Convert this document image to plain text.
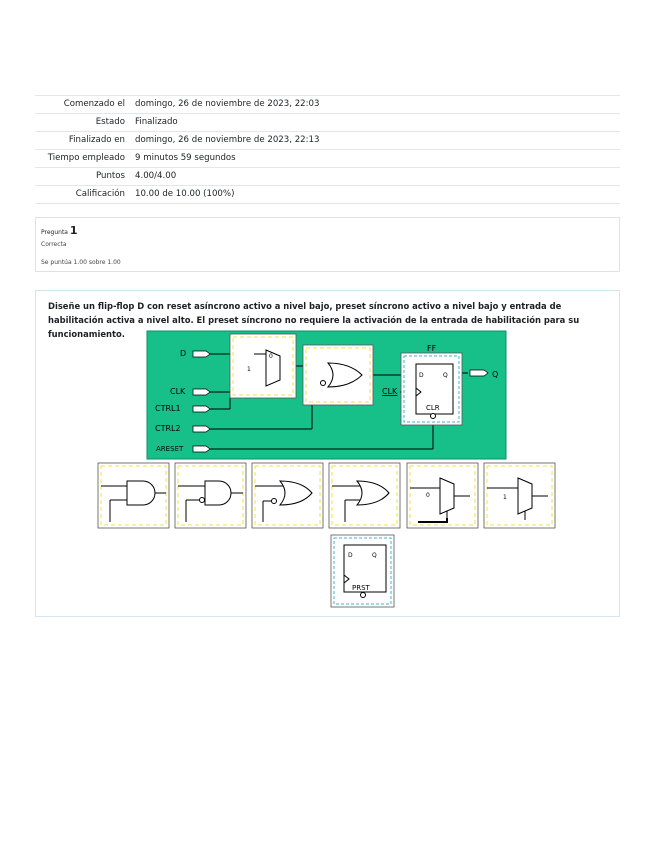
Comenzado el	domingo, 26 de noviembre de 2023, 22:03
Estado	Finalizado
Finalizado en	domingo, 26 de noviembre de 2023, 22:13
Tiempo empleado	9 minutos 59 segundos
Puntos	4.00/4.00
Calificación	10.00 de 10.00 (100%)
Pregunta 1
Correcta
Se puntúa 1.00 sobre 1.00
Diseñe un flip-flop D con reset asíncrono activo a nivel bajo, preset síncrono activo a nivel bajo y entrada de habilitación activa a nivel alto. El preset síncrono no requiere la activación de la entrada de habilitación para su funcionamiento.
D
CLK
CTRL1
CTRL2
ARESET
0
1
FF
D	Q
CLK
CLR
Q
0	1
D	Q
PRST
